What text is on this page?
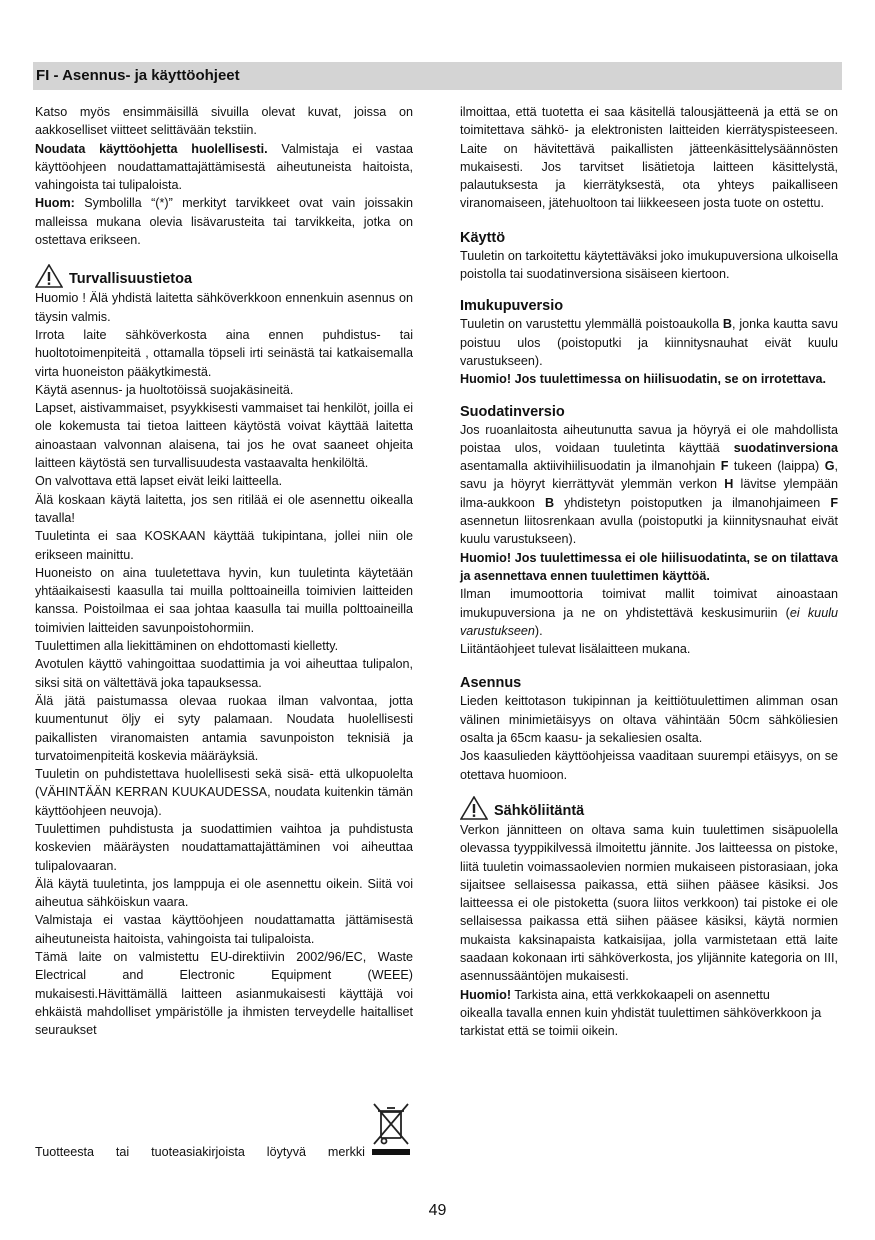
FI - Asennus- ja käyttöohjeet

Katso myös ensimmäisillä sivuilla olevat kuvat, joissa on aakkoselliset viitteet selittävään tekstiin.

Noudata käyttöohjetta huolellisesti. Valmistaja ei vastaa käyttöohjeen noudattamattajättämisestä aiheutuneista haitoista, vahingoista tai tulipaloista.

Huom: Symbolilla “(*)” merkityt tarvikkeet ovat vain joissakin malleissa mukana olevia lisävarusteita tai tarvikkeita, jotka on ostettava erikseen.

Turvallisuustietoa

Huomio ! Älä yhdistä laitetta sähköverkkoon ennenkuin asennus on täysin valmis.

Irrota laite sähköverkosta aina ennen puhdistus- tai huoltotoimenpiteitä , ottamalla töpseli irti seinästä tai katkaisemalla virta huoneiston pääkytkimestä.

Käytä asennus- ja huoltotöissä suojakäsineitä.

Lapset, aistivammaiset, psyykkisesti vammaiset tai henkilöt, joilla ei ole kokemusta tai tietoa laitteen käytöstä voivat käyttää laitetta ainoastaan valvonnan alaisena, tai jos he ovat saaneet ohjeita laitteen käytöstä sen turvallisuudesta vastaavalta henkilöltä.

On valvottava että lapset eivät leiki laitteella.

Älä koskaan käytä laitetta, jos sen ritilää ei ole asennettu oikealla tavalla!

Tuuletinta ei saa KOSKAAN käyttää tukipintana, jollei niin ole erikseen mainittu.

Huoneisto on aina tuuletettava hyvin, kun tuuletinta käytetään yhtäaikaisesti kaasulla tai muilla polttoaineilla toimivien laitteiden kanssa. Poistoilmaa ei saa johtaa kaasulla tai muilla polttoaineilla toimivien laitteiden savunpoistohormiin.

Tuulettimen alla liekittäminen on ehdottomasti kielletty.

Avotulen käyttö vahingoittaa suodattimia ja voi aiheuttaa tulipalon, siksi sitä on vältettävä joka tapauksessa.

Älä jätä paistumassa olevaa ruokaa ilman valvontaa, jotta kuumentunut öljy ei syty palamaan. Noudata huolellisesti paikallisten viranomaisten antamia savunpoiston teknisiä ja turvatoimenpiteitä koskevia määräyksiä.

Tuuletin on puhdistettava huolellisesti sekä sisä- että ulkopuolelta (VÄHINTÄÄN KERRAN KUUKAUDESSA, noudata kuitenkin tämän käyttöohjeen neuvoja).

Tuulettimen puhdistusta ja suodattimien vaihtoa ja puhdistusta koskevien määräysten noudattamattajättäminen voi aiheuttaa tulipalovaaran.

Älä käytä tuuletinta, jos lamppuja ei ole asennettu oikein. Siitä voi aiheutua sähköiskun vaara.

Valmistaja ei vastaa käyttöohjeen noudattamatta jättämisestä aiheutuneista haitoista, vahingoista tai tulipaloista.

Tämä laite on valmistettu EU-direktiivin 2002/96/EC, Waste Electrical and Electronic Equipment (WEEE) mukaisesti.Hävittämällä laitteen asianmukaisesti käyttäjä voi ehkäistä mahdolliset ympäristölle ja ihmisten terveydelle haitalliset seuraukset

Tuotteesta tai tuoteasiakirjoista löytyvä merkki

ilmoittaa, että tuotetta ei saa käsitellä talousjätteenä ja että se on toimitettava sähkö- ja elektronisten laitteiden kierrätyspisteeseen. Laite on hävitettävä paikallisten jätteenkäsittelysäännösten mukaisesti. Jos tarvitset lisätietoja laitteen käsittelystä, palautuksesta ja kierrätyksestä, ota yhteys paikalliseen viranomaiseen, jätehuoltoon tai liikkeeseen josta tuote on ostettu.

Käyttö

Tuuletin on tarkoitettu käytettäväksi joko imukupuversiona ulkoisella poistolla tai suodatinversiona sisäiseen kiertoon.

Imukupuversio

Tuuletin on varustettu ylemmällä poistoaukolla B, jonka kautta savu poistuu ulos (poistoputki ja kiinnitysnauhat eivät kuulu varustukseen).

Huomio! Jos tuulettimessa on hiilisuodatin, se on irrotettava.

Suodatinversio

Jos ruoanlaitosta aiheutunutta savua ja höyryä ei ole mahdollista poistaa ulos, voidaan tuuletinta käyttää suodatinversiona asentamalla aktiivihiilisuodatin ja ilmanohjain F tukeen (laippa) G, savu ja höyryt kierrättyvät ylemmän verkon H lävitse ylempään ilma-aukkoon B yhdistetyn poistoputken ja ilmanohjaimeen F asennetun liitosrenkaan avulla (poistoputki ja kiinnitysnauhat eivät kuulu varustukseen).

Huomio! Jos tuulettimessa ei ole hiilisuodatinta, se on tilattava ja asennettava ennen tuulettimen käyttöä.

Ilman imumoottoria toimivat mallit toimivat ainoastaan imukupuversiona ja ne on yhdistettävä keskusimuriin (ei kuulu varustukseen).

Liitäntäohjeet tulevat lisälaitteen mukana.

Asennus

Lieden keittotason tukipinnan ja keittiötuulettimen alimman osan välinen minimietäisyys on oltava vähintään 50cm sähköliesien osalta ja 65cm kaasu- ja sekaliesien osalta.

Jos kaasulieden käyttöohjeissa vaaditaan suurempi etäisyys, on se otettava huomioon.

Sähköliitäntä

Verkon jännitteen on oltava sama kuin tuulettimen sisäpuolella olevassa tyyppikilvessä ilmoitettu jännite. Jos laitteessa on pistoke, liitä tuuletin voimassaolevien normien mukaiseen pistorasiaan, joka sijaitsee sellaisessa paikassa, että siihen pääsee käsiksi. Jos laitteessa ei ole pistoketta (suora liitos verkkoon) tai pistoke ei ole sellaisessa paikassa että siihen pääsee käsiksi, käytä normien mukaista kaksinapaista katkaisijaa, jolla varmistetaan että laite saadaan kokonaan irti sähköverkosta, jos ylijännite kategoria on III, asennussääntöjen mukaisesti.

Huomio! Tarkista aina, että verkkokaapeli on asennettu

oikealla tavalla ennen kuin yhdistät tuulettimen sähköverkkoon ja tarkistat että se toimii oikein.

49
